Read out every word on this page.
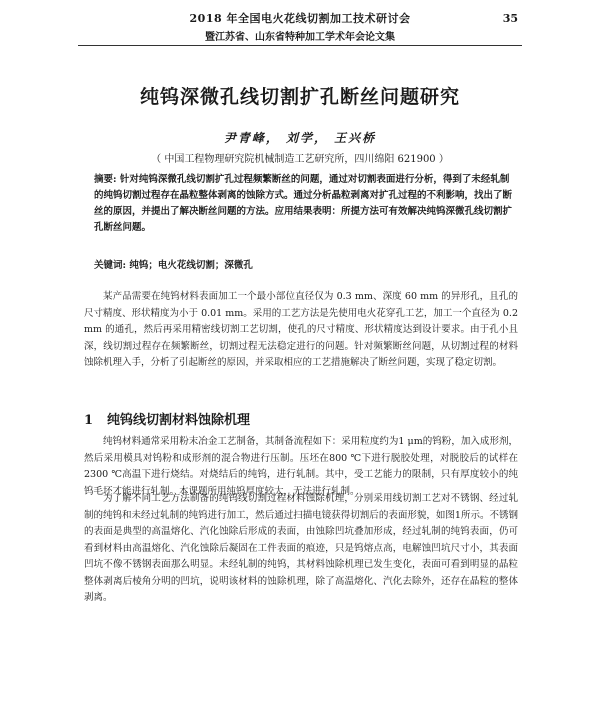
2018 年全国电火花线切割加工技术研讨会
暨江苏省、山东省特种加工学术年会论文集
35
纯钨深微孔线切割扩孔断丝问题研究
尹青峰， 刘学， 王兴桥
（ 中国工程物理研究院机械制造工艺研究所，四川绵阳 621900 ）
摘要: 针对纯钨深微孔线切割扩孔过程频繁断丝的问题，通过对切割表面进行分析，得到了未经轧制的纯钨切割过程存在晶粒整体剥离的蚀除方式。通过分析晶粒剥离对扩孔过程的不利影响，找出了断丝的原因，并提出了解决断丝问题的方法。应用结果表明：所提方法可有效解决纯钨深微孔线切割扩孔断丝问题。
关键词: 纯钨；电火花线切割；深微孔
某产品需要在纯钨材料表面加工一个最小部位直径仅为 0.3 mm、深度 60 mm 的异形孔，且孔的尺寸精度、形状精度为小于 0.01 mm。采用的工艺方法是先使用电火花穿孔工艺，加工一个直径为 0.2 mm 的通孔，然后再采用精密线切割工艺切割，使孔的尺寸精度、形状精度达到设计要求。由于孔小且深，线切割过程存在频繁断丝，切割过程无法稳定进行的问题。针对频繁断丝问题，从切割过程的材料蚀除机理入手，分析了引起断丝的原因，并采取相应的工艺措施解决了断丝问题，实现了稳定切割。
1 纯钨线切割材料蚀除机理
纯钨材料通常采用粉末冶金工艺制备，其制备流程如下：采用粒度约为1 μm的钨粉，加入成形剂，然后采用模具对钨粉和成形剂的混合物进行压制。压坯在800 ℃下进行脱胶处理，对脱胶后的试样在2300 ℃高温下进行烧结。对烧结后的纯钨，进行轧制。其中，受工艺能力的限制，只有厚度较小的纯钨毛坯才能进行轧制。本课题所用纯钨厚度较大，无法进行轧制。
为了解不同工艺方法制备的纯钨线切割过程材料蚀除机理，分别采用线切割工艺对不锈钢、经过轧制的纯钨和未经过轧制的纯钨进行加工，然后通过扫描电镜获得切割后的表面形貌，如图1所示。不锈钢的表面是典型的高温熔化、汽化蚀除后形成的表面，由蚀除凹坑叠加形成，经过轧制的纯钨表面，仍可看到材料由高温熔化、汽化蚀除后凝固在工件表面的痕迹，只是钨熔点高，电解蚀凹坑尺寸小，其表面凹坑不像不锈钢表面那么明显。未经轧制的纯钨，其材料蚀除机理已发生变化，表面可看到明显的晶粒整体剥离后棱角分明的凹坑，说明该材料的蚀除机理，除了高温熔化、汽化去除外，还存在晶粒的整体剥离。
